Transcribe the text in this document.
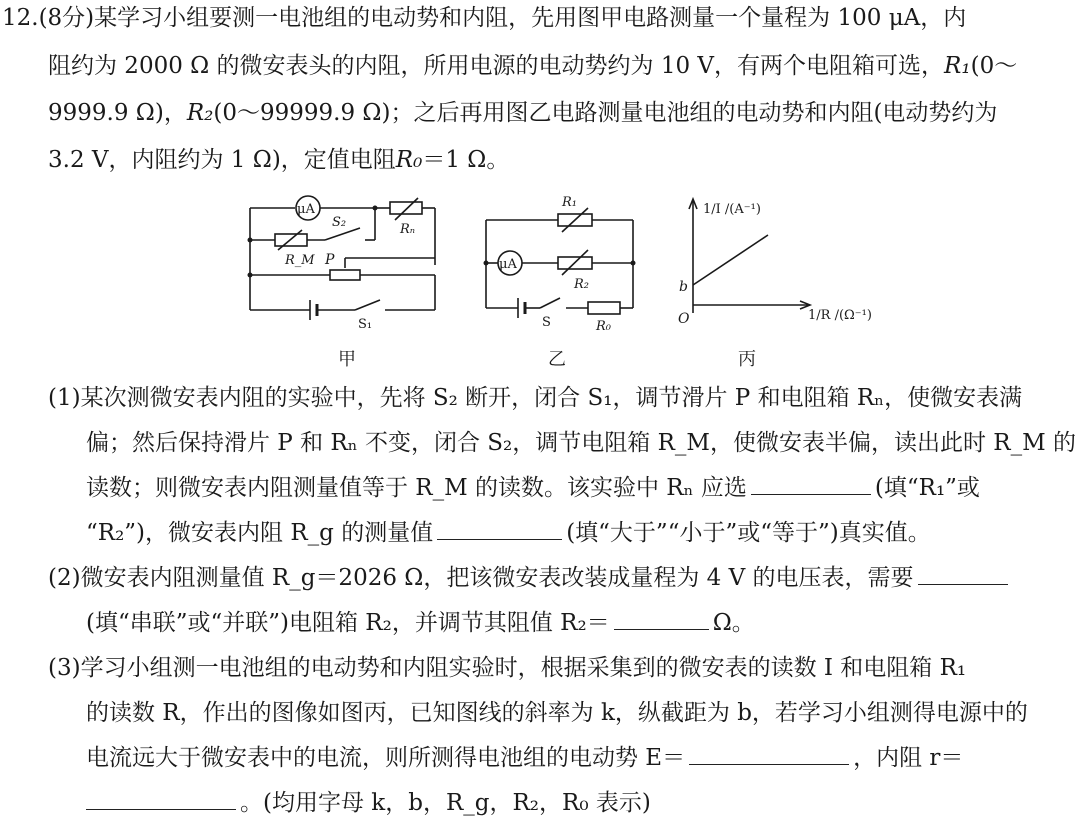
12.(8分)某学习小组要测一电池组的电动势和内阻，先用图甲电路测量一个量程为 100 μA，内
阻约为 2000 Ω 的微安表头的内阻，所用电源的电动势约为 10 V，有两个电阻箱可选，R₁(0～
9999.9 Ω)，R₂(0～99999.9 Ω)；之后再用图乙电路测量电池组的电动势和内阻(电动势约为
3.2 V，内阻约为 1 Ω)，定值电阻R₀＝1 Ω。
μA
S₂	Rₙ
R_M P
S₁
甲
R₁
μA
R₂
S	R₀
乙
1/I /(A⁻¹)
1/R /(Ω⁻¹)
O
b
丙
(1)某次测微安表内阻的实验中，先将 S₂ 断开，闭合 S₁，调节滑片 P 和电阻箱 Rₙ，使微安表满
偏；然后保持滑片 P 和 Rₙ 不变，闭合 S₂，调节电阻箱 R_M，使微安表半偏，读出此时 R_M 的
读数；则微安表内阻测量值等于 R_M 的读数。该实验中 Rₙ 应选	(填“R₁”或
“R₂”)，微安表内阻 R_g 的测量值	(填“大于”“小于”或“等于”)真实值。
(2)微安表内阻测量值 R_g＝2026 Ω，把该微安表改装成量程为 4 V 的电压表，需要
(填“串联”或“并联”)电阻箱 R₂，并调节其阻值 R₂＝	Ω。
(3)学习小组测一电池组的电动势和内阻实验时，根据采集到的微安表的读数 I 和电阻箱 R₁
的读数 R，作出的图像如图丙，已知图线的斜率为 k，纵截距为 b，若学习小组测得电源中的
电流远大于微安表中的电流，则所测得电池组的电动势 E＝	，内阻 r＝
。(均用字母 k，b，R_g，R₂，R₀ 表示)
